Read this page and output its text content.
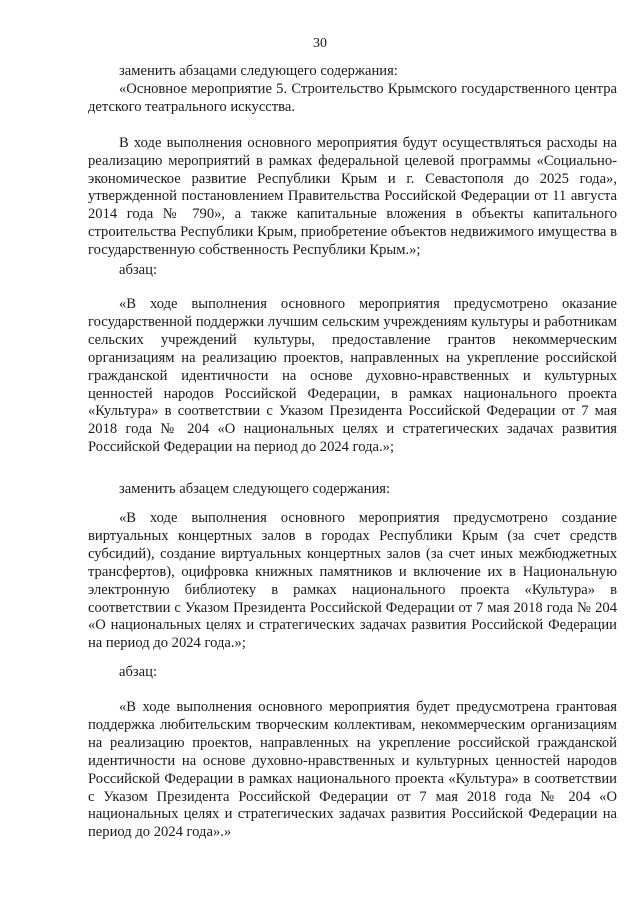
30

заменить абзацами следующего содержания:

«Основное мероприятие 5. Строительство Крымского государственного центра детского театрального искусства.

В ходе выполнения основного мероприятия будут осуществляться расходы на реализацию мероприятий в рамках федеральной целевой программы «Социально-экономическое развитие Республики Крым и г. Севастополя до 2025 года», утвержденной постановлением Правительства Российской Федерации от 11 августа 2014 года № 790», а также капитальные вложения в объекты капитального строительства Республики Крым, приобретение объектов недвижимого имущества в государственную собственность Республики Крым.»;

абзац:

«В ходе выполнения основного мероприятия предусмотрено оказание государственной поддержки лучшим сельским учреждениям культуры и работникам сельских учреждений культуры, предоставление грантов некоммерческим организациям на реализацию проектов, направленных на укрепление российской гражданской идентичности на основе духовно-нравственных и культурных ценностей народов Российской Федерации, в рамках национального проекта «Культура» в соответствии с Указом Президента Российской Федерации от 7 мая 2018 года № 204 «О национальных целях и стратегических задачах развития Российской Федерации на период до 2024 года.»;

заменить абзацем следующего содержания:

«В ходе выполнения основного мероприятия предусмотрено создание виртуальных концертных залов в городах Республики Крым (за счет средств субсидий), создание виртуальных концертных залов (за счет иных межбюджетных трансфертов), оцифровка книжных памятников и включение их в Национальную электронную библиотеку в рамках национального проекта «Культура» в соответствии с Указом Президента Российской Федерации от 7 мая 2018 года № 204 «О национальных целях и стратегических задачах развития Российской Федерации на период до 2024 года.»;

абзац:

«В ходе выполнения основного мероприятия будет предусмотрена грантовая поддержка любительским творческим коллективам, некоммерческим организациям на реализацию проектов, направленных на укрепление российской гражданской идентичности на основе духовно-нравственных и культурных ценностей народов Российской Федерации в рамках национального проекта «Культура» в соответствии с Указом Президента Российской Федерации от 7 мая 2018 года № 204 «О национальных целях и стратегических задачах развития Российской Федерации на период до 2024 года».»
